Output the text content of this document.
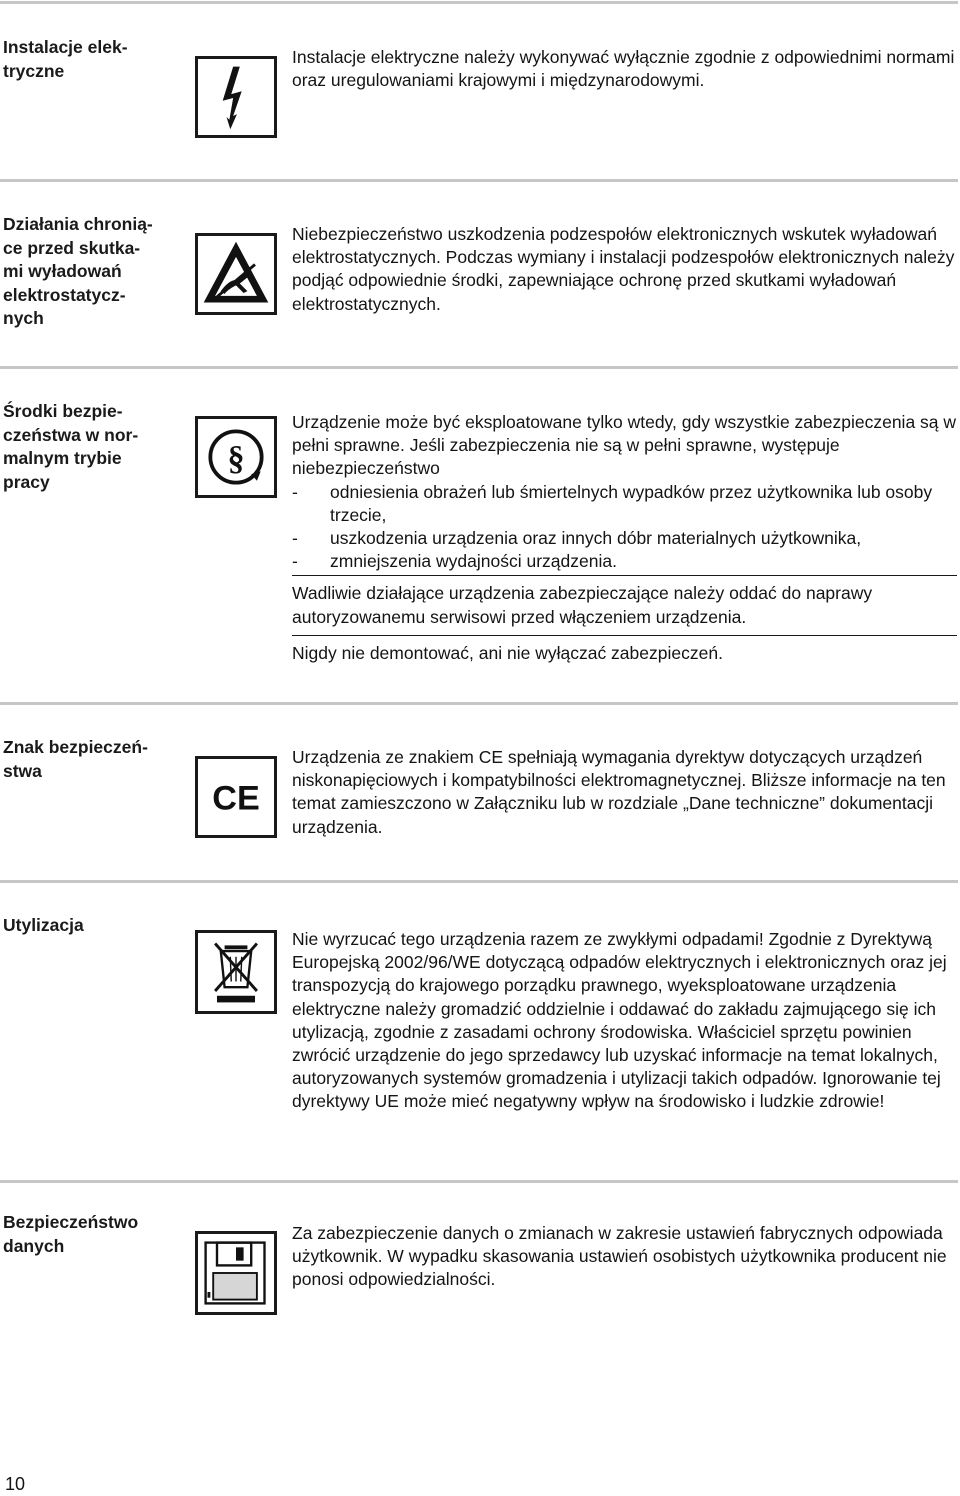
Instalacje elek-
tryczne

Instalacje elektryczne należy wykonywać wyłącznie zgodnie z odpowiednimi normami oraz uregulowaniami krajowymi i międzynarodowymi.

Działania chronią-
ce przed skutka-
mi wyładowań
elektrostatycz-
nych

Niebezpieczeństwo uszkodzenia podzespołów elektronicznych wskutek wyładowań elektrostatycznych. Podczas wymiany i instalacji podzespołów elektronicznych należy podjąć odpowiednie środki, zapewniające ochronę przed skutkami wyładowań elektrostatycznych.

Środki bezpie-
czeństwa w nor-
malnym trybie
pracy
§

Urządzenie może być eksploatowane tylko wtedy, gdy wszystkie zabezpieczenia są w pełni sprawne. Jeśli zabezpieczenia nie są w pełni sprawne, występuje niebezpieczeństwo

- odniesienia obrażeń lub śmiertelnych wypadków przez użytkownika lub osoby trzecie,
- uszkodzenia urządzenia oraz innych dóbr materialnych użytkownika,
- zmniejszenia wydajności urządzenia.

Wadliwie działające urządzenia zabezpieczające należy oddać do naprawy autoryzowanemu serwisowi przed włączeniem urządzenia.

Nigdy nie demontować, ani nie wyłączać zabezpieczeń.

Znak bezpieczeń-
stwa
CE

Urządzenia ze znakiem CE spełniają wymagania dyrektyw dotyczących urządzeń niskonapięciowych i kompatybilności elektromagnetycznej. Bliższe informacje na ten temat zamieszczono w Załączniku lub w rozdziale „Dane techniczne” dokumentacji urządzenia.

Utylizacja

Nie wyrzucać tego urządzenia razem ze zwykłymi odpadami! Zgodnie z Dyrektywą Europejską 2002/96/WE dotyczącą odpadów elektrycznych i elektronicznych oraz jej transpozycją do krajowego porządku prawnego, wyeksploatowane urządzenia elektryczne należy gromadzić oddzielnie i oddawać do zakładu zajmującego się ich utylizacją, zgodnie z zasadami ochrony środowiska. Właściciel sprzętu powinien zwrócić urządzenie do jego sprzedawcy lub uzyskać informacje na temat lokalnych, autoryzowanych systemów gromadzenia i utylizacji takich odpadów. Ignorowanie tej dyrektywy UE może mieć negatywny wpływ na środowisko i ludzkie zdrowie!

Bezpieczeństwo
danych

Za zabezpieczenie danych o zmianach w zakresie ustawień fabrycznych odpowiada użytkownik. W wypadku skasowania ustawień osobistych użytkownika producent nie ponosi odpowiedzialności.

10
